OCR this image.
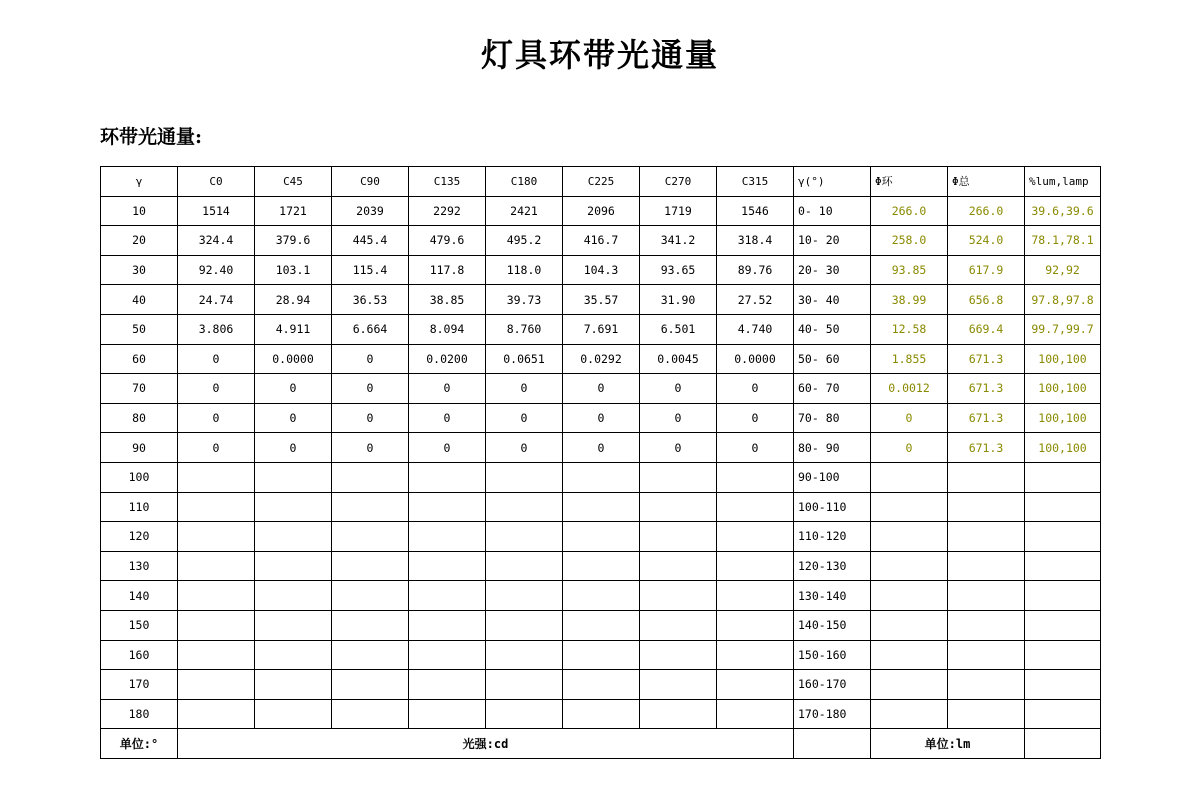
灯具环带光通量
环带光通量:
γ	C0	C45	C90	C135	C180	C225	C270	C315	γ(°)	Φ环	Φ总	%lum,lamp
10	1514	1721	2039	2292	2421	2096	1719	1546	0- 10	266.0	266.0	39.6,39.6
20	324.4	379.6	445.4	479.6	495.2	416.7	341.2	318.4	10- 20	258.0	524.0	78.1,78.1
30	92.40	103.1	115.4	117.8	118.0	104.3	93.65	89.76	20- 30	93.85	617.9	92,92
40	24.74	28.94	36.53	38.85	39.73	35.57	31.90	27.52	30- 40	38.99	656.8	97.8,97.8
50	3.806	4.911	6.664	8.094	8.760	7.691	6.501	4.740	40- 50	12.58	669.4	99.7,99.7
60	0	0.0000	0	0.0200	0.0651	0.0292	0.0045	0.0000	50- 60	1.855	671.3	100,100
70	0	0	0	0	0	0	0	0	60- 70	0.0012	671.3	100,100
80	0	0	0	0	0	0	0	0	70- 80	0	671.3	100,100
90	0	0	0	0	0	0	0	0	80- 90	0	671.3	100,100
100									90-100			
110									100-110			
120									110-120			
130									120-130			
140									130-140			
150									140-150			
160									150-160			
170									160-170			
180									170-180			
单位:°	光强:cd									单位:lm		
